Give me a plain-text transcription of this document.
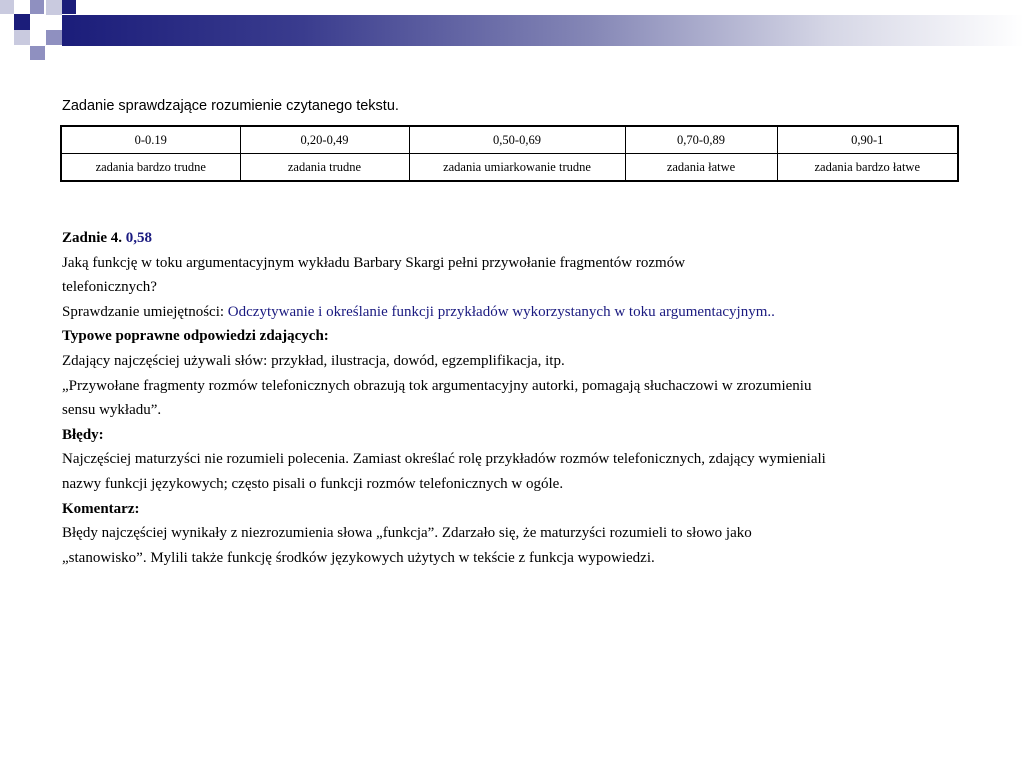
Zadanie sprawdzające rozumienie czytanego tekstu.
0-0.19	0,20-0,49	0,50-0,69	0,70-0,89	0,90-1
zadania bardzo trudne	zadania trudne	zadania umiarkowanie trudne	zadania łatwe	zadania bardzo łatwe

Zadnie 4. 0,58

Jaką funkcję w toku argumentacyjnym wykładu Barbary Skargi pełni przywołanie fragmentów rozmów

telefonicznych?

Sprawdzanie umiejętności: Odczytywanie i określanie funkcji przykładów wykorzystanych w toku argumentacyjnym..

Typowe poprawne odpowiedzi zdających:

Zdający najczęściej używali słów: przykład, ilustracja, dowód, egzemplifikacja, itp.

„Przywołane fragmenty rozmów telefonicznych obrazują tok argumentacyjny autorki, pomagają słuchaczowi w zrozumieniu

sensu wykładu”.

Błędy:

Najczęściej maturzyści nie rozumieli polecenia. Zamiast określać rolę przykładów rozmów telefonicznych, zdający wymieniali

nazwy funkcji językowych; często pisali o funkcji rozmów telefonicznych w ogóle.

Komentarz:

Błędy najczęściej wynikały z niezrozumienia słowa „funkcja”. Zdarzało się, że maturzyści rozumieli to słowo jako

„stanowisko”. Mylili także funkcję środków językowych użytych w tekście z funkcja wypowiedzi.
